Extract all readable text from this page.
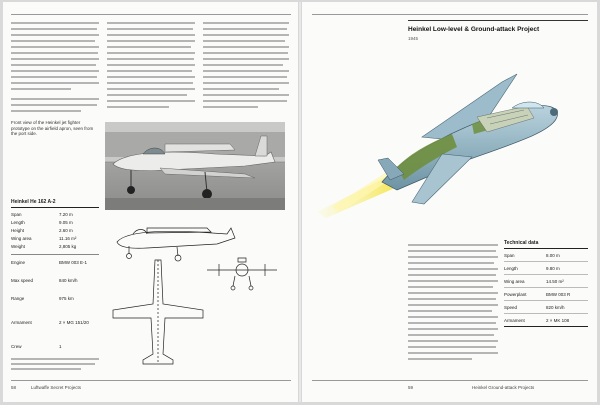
Front view of the Heinkel jet fighter prototype on the airfield apron, seen from the port side.
Heinkel He 162 A-2
Span	7.20 m
Length	9.05 m
Height	2.60 m
Wing area	11.16 m²
Weight	2,805 kg
Engine	BMW 003 E-1
Max speed	840 km/h
Range	975 km
Armament	2 × MG 151/20
Crew	1
58	Luftwaffe Secret Projects
Heinkel Low-level & Ground-attack Project
1945
Technical data
Span	8.00 m
Length	9.80 m
Wing area	14.50 m²
Powerplant	BMW 003 R
Speed	820 km/h
Armament	2 × MK 108
59	Heinkel Ground-attack Projects
